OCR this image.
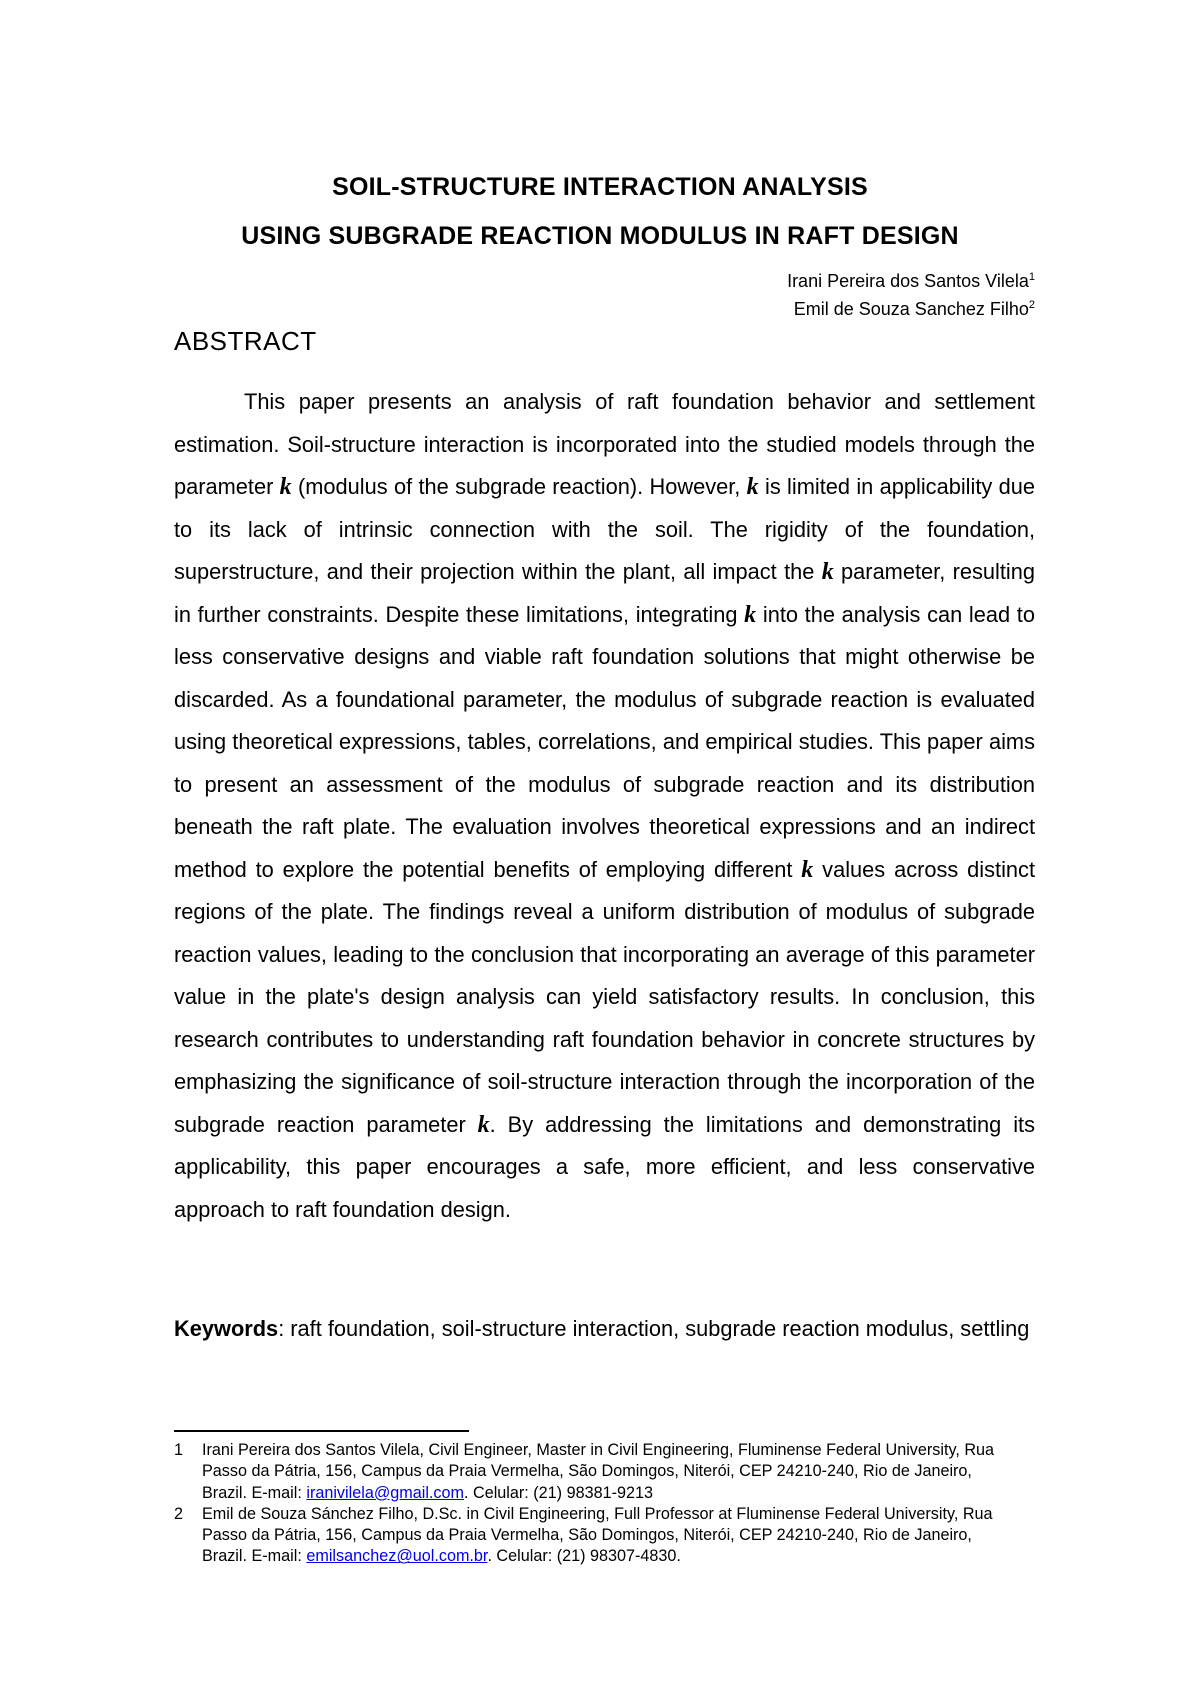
SOIL-STRUCTURE INTERACTION ANALYSIS
USING SUBGRADE REACTION MODULUS IN RAFT DESIGN
Irani Pereira dos Santos Vilela$^1$
Emil de Souza Sanchez Filho$^2$
ABSTRACT

This paper presents an analysis of raft foundation behavior and settlement estimation. Soil-structure interaction is incorporated into the studied models through the parameter k (modulus of the subgrade reaction). However, k is limited in applicability due to its lack of intrinsic connection with the soil. The rigidity of the foundation, superstructure, and their projection within the plant, all impact the k parameter, resulting in further constraints. Despite these limitations, integrating k into the analysis can lead to less conservative designs and viable raft foundation solutions that might otherwise be discarded. As a foundational parameter, the modulus of subgrade reaction is evaluated using theoretical expressions, tables, correlations, and empirical studies. This paper aims to present an assessment of the modulus of subgrade reaction and its distribution beneath the raft plate. The evaluation involves theoretical expressions and an indirect method to explore the potential benefits of employing different k values across distinct regions of the plate. The findings reveal a uniform distribution of modulus of subgrade reaction values, leading to the conclusion that incorporating an average of this parameter value in the plate's design analysis can yield satisfactory results. In conclusion, this research contributes to understanding raft foundation behavior in concrete structures by emphasizing the significance of soil-structure interaction through the incorporation of the subgrade reaction parameter k. By addressing the limitations and demonstrating its applicability, this paper encourages a safe, more efficient, and less conservative approach to raft foundation design.

Keywords: raft foundation, soil-structure interaction, subgrade reaction modulus, settling

1 Irani Pereira dos Santos Vilela, Civil Engineer, Master in Civil Engineering, Fluminense Federal University, Rua Passo da Pátria, 156, Campus da Praia Vermelha, São Domingos, Niterói, CEP 24210-240, Rio de Janeiro, Brazil. E-mail: iranivilela@gmail.com. Celular: (21) 98381-9213
2 Emil de Souza Sánchez Filho, D.Sc. in Civil Engineering, Full Professor at Fluminense Federal University, Rua Passo da Pátria, 156, Campus da Praia Vermelha, São Domingos, Niterói, CEP 24210-240, Rio de Janeiro, Brazil. E-mail: emilsanchez@uol.com.br. Celular: (21) 98307-4830.
